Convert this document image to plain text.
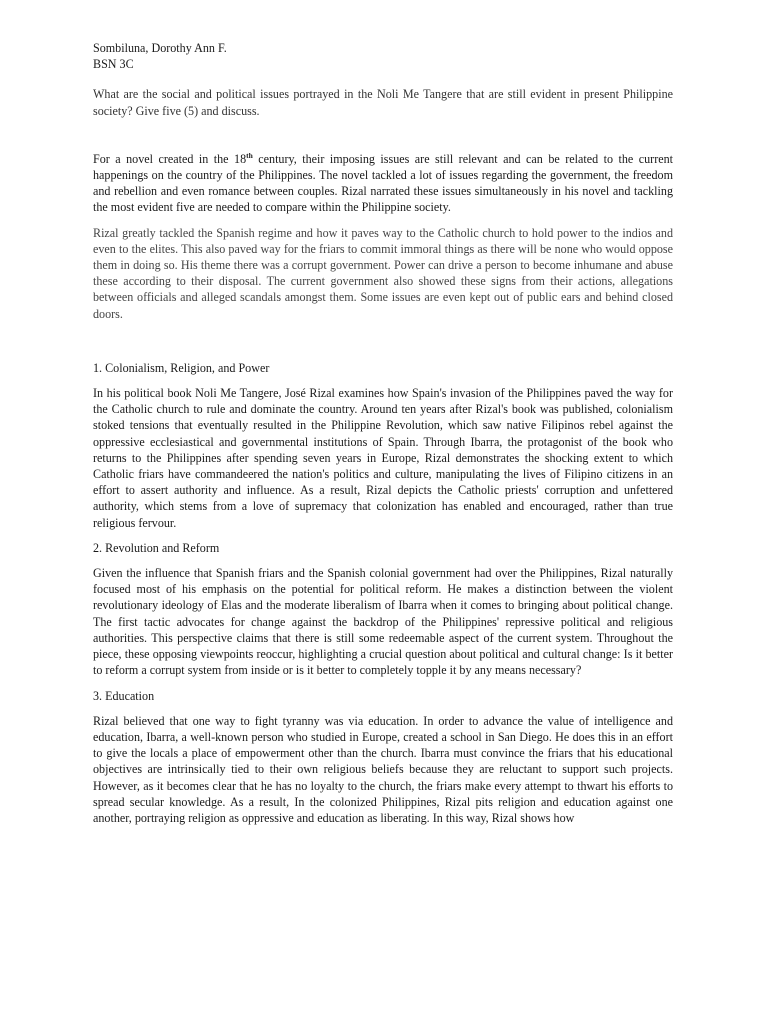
Sombiluna, Dorothy Ann F.

BSN 3C

What are the social and political issues portrayed in the Noli Me Tangere that are still evident in present Philippine society? Give five (5) and discuss.

For a novel created in the 18th century, their imposing issues are still relevant and can be related to the current happenings on the country of the Philippines. The novel tackled a lot of issues regarding the government, the freedom and rebellion and even romance between couples. Rizal narrated these issues simultaneously in his novel and tackling the most evident five are needed to compare within the Philippine society.

Rizal greatly tackled the Spanish regime and how it paves way to the Catholic church to hold power to the indios and even to the elites. This also paved way for the friars to commit immoral things as there will be none who would oppose them in doing so. His theme there was a corrupt government. Power can drive a person to become inhumane and abuse these according to their disposal. The current government also showed these signs from their actions, allegations between officials and alleged scandals amongst them. Some issues are even kept out of public ears and behind closed doors.

1. Colonialism, Religion, and Power

In his political book Noli Me Tangere, José Rizal examines how Spain's invasion of the Philippines paved the way for the Catholic church to rule and dominate the country. Around ten years after Rizal's book was published, colonialism stoked tensions that eventually resulted in the Philippine Revolution, which saw native Filipinos rebel against the oppressive ecclesiastical and governmental institutions of Spain. Through Ibarra, the protagonist of the book who returns to the Philippines after spending seven years in Europe, Rizal demonstrates the shocking extent to which Catholic friars have commandeered the nation's politics and culture, manipulating the lives of Filipino citizens in an effort to assert authority and influence. As a result, Rizal depicts the Catholic priests' corruption and unfettered authority, which stems from a love of supremacy that colonization has enabled and encouraged, rather than true religious fervour.

2. Revolution and Reform

Given the influence that Spanish friars and the Spanish colonial government had over the Philippines, Rizal naturally focused most of his emphasis on the potential for political reform. He makes a distinction between the violent revolutionary ideology of Elas and the moderate liberalism of Ibarra when it comes to bringing about political change. The first tactic advocates for change against the backdrop of the Philippines' repressive political and religious authorities. This perspective claims that there is still some redeemable aspect of the current system. Throughout the piece, these opposing viewpoints reoccur, highlighting a crucial question about political and cultural change: Is it better to reform a corrupt system from inside or is it better to completely topple it by any means necessary?

3. Education

Rizal believed that one way to fight tyranny was via education. In order to advance the value of intelligence and education, Ibarra, a well-known person who studied in Europe, created a school in San Diego. He does this in an effort to give the locals a place of empowerment other than the church. Ibarra must convince the friars that his educational objectives are intrinsically tied to their own religious beliefs because they are reluctant to support such projects. However, as it becomes clear that he has no loyalty to the church, the friars make every attempt to thwart his efforts to spread secular knowledge. As a result, In the colonized Philippines, Rizal pits religion and education against one another, portraying religion as oppressive and education as liberating. In this way, Rizal shows how
